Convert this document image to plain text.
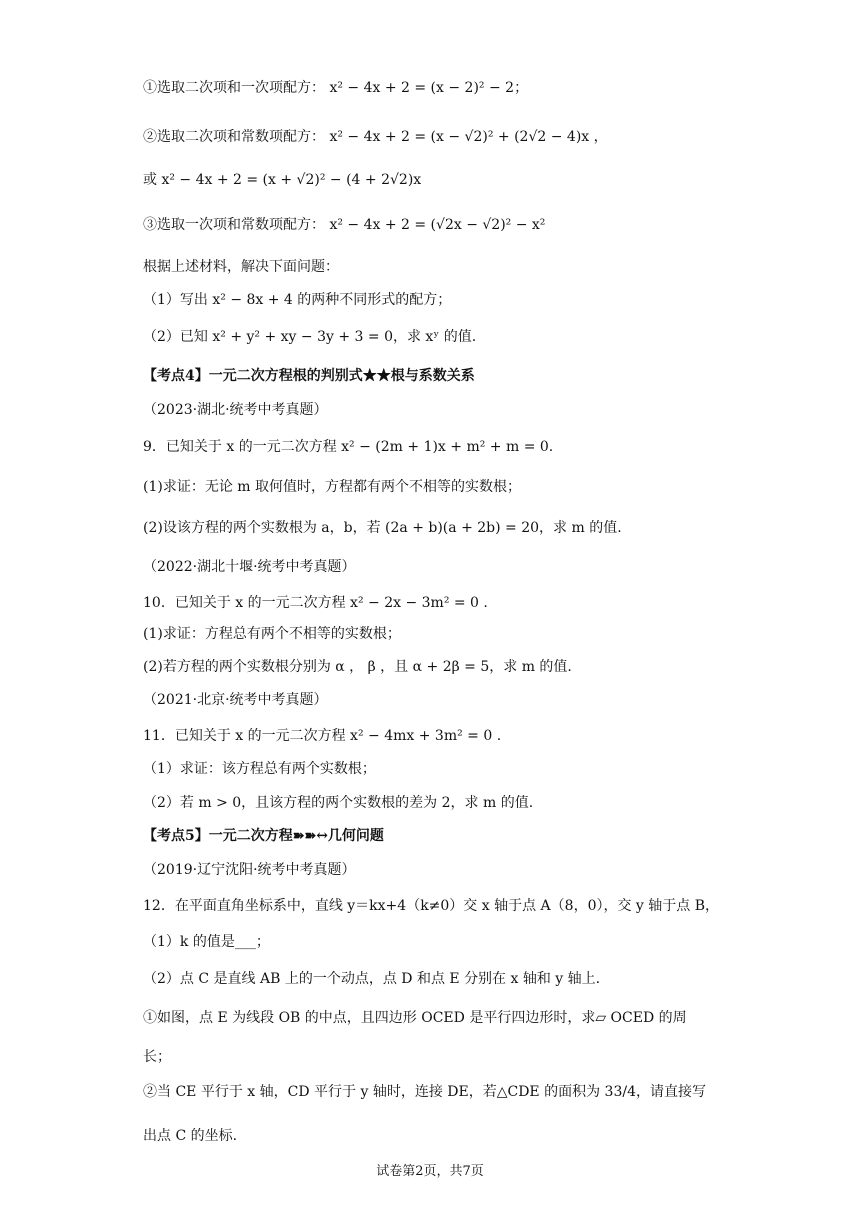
①选取二次项和一次项配方： x² − 4x + 2 = (x − 2)² − 2；
②选取二次项和常数项配方： x² − 4x + 2 = (x − √2)² + (2√2 − 4)x ，
或 x² − 4x + 2 = (x + √2)² − (4 + 2√2)x
③选取一次项和常数项配方： x² − 4x + 2 = (√2x − √2)² − x²
根据上述材料，解决下面问题：
（1）写出 x² − 8x + 4 的两种不同形式的配方；
（2）已知 x² + y² + xy − 3y + 3 = 0，求 xʸ 的值.
【考点4】一元二次方程根的判别式★★根与系数关系
（2023·湖北·统考中考真题）
9．已知关于 x 的一元二次方程 x² − (2m + 1)x + m² + m = 0.
(1)求证：无论 m 取何值时，方程都有两个不相等的实数根；
(2)设该方程的两个实数根为 a，b，若 (2a + b)(a + 2b) = 20，求 m 的值.
（2022·湖北十堰·统考中考真题）
10．已知关于 x 的一元二次方程 x² − 2x − 3m² = 0 .
(1)求证：方程总有两个不相等的实数根；
(2)若方程的两个实数根分别为 α ， β ，且 α + 2β = 5，求 m 的值.
（2021·北京·统考中考真题）
11．已知关于 x 的一元二次方程 x² − 4mx + 3m² = 0 .
（1）求证：该方程总有两个实数根；
（2）若 m > 0，且该方程的两个实数根的差为 2，求 m 的值.
【考点5】一元二次方程➽➽↔几何问题
（2019·辽宁沈阳·统考中考真题）
12．在平面直角坐标系中，直线 y＝kx+4（k≠0）交 x 轴于点 A（8，0），交 y 轴于点 B，
（1）k 的值是___；
（2）点 C 是直线 AB 上的一个动点，点 D 和点 E 分别在 x 轴和 y 轴上.
①如图，点 E 为线段 OB 的中点，且四边形 OCED 是平行四边形时，求▱ OCED 的周
长；
②当 CE 平行于 x 轴，CD 平行于 y 轴时，连接 DE，若△CDE 的面积为 33/4，请直接写
出点 C 的坐标.
试卷第2页，共7页
